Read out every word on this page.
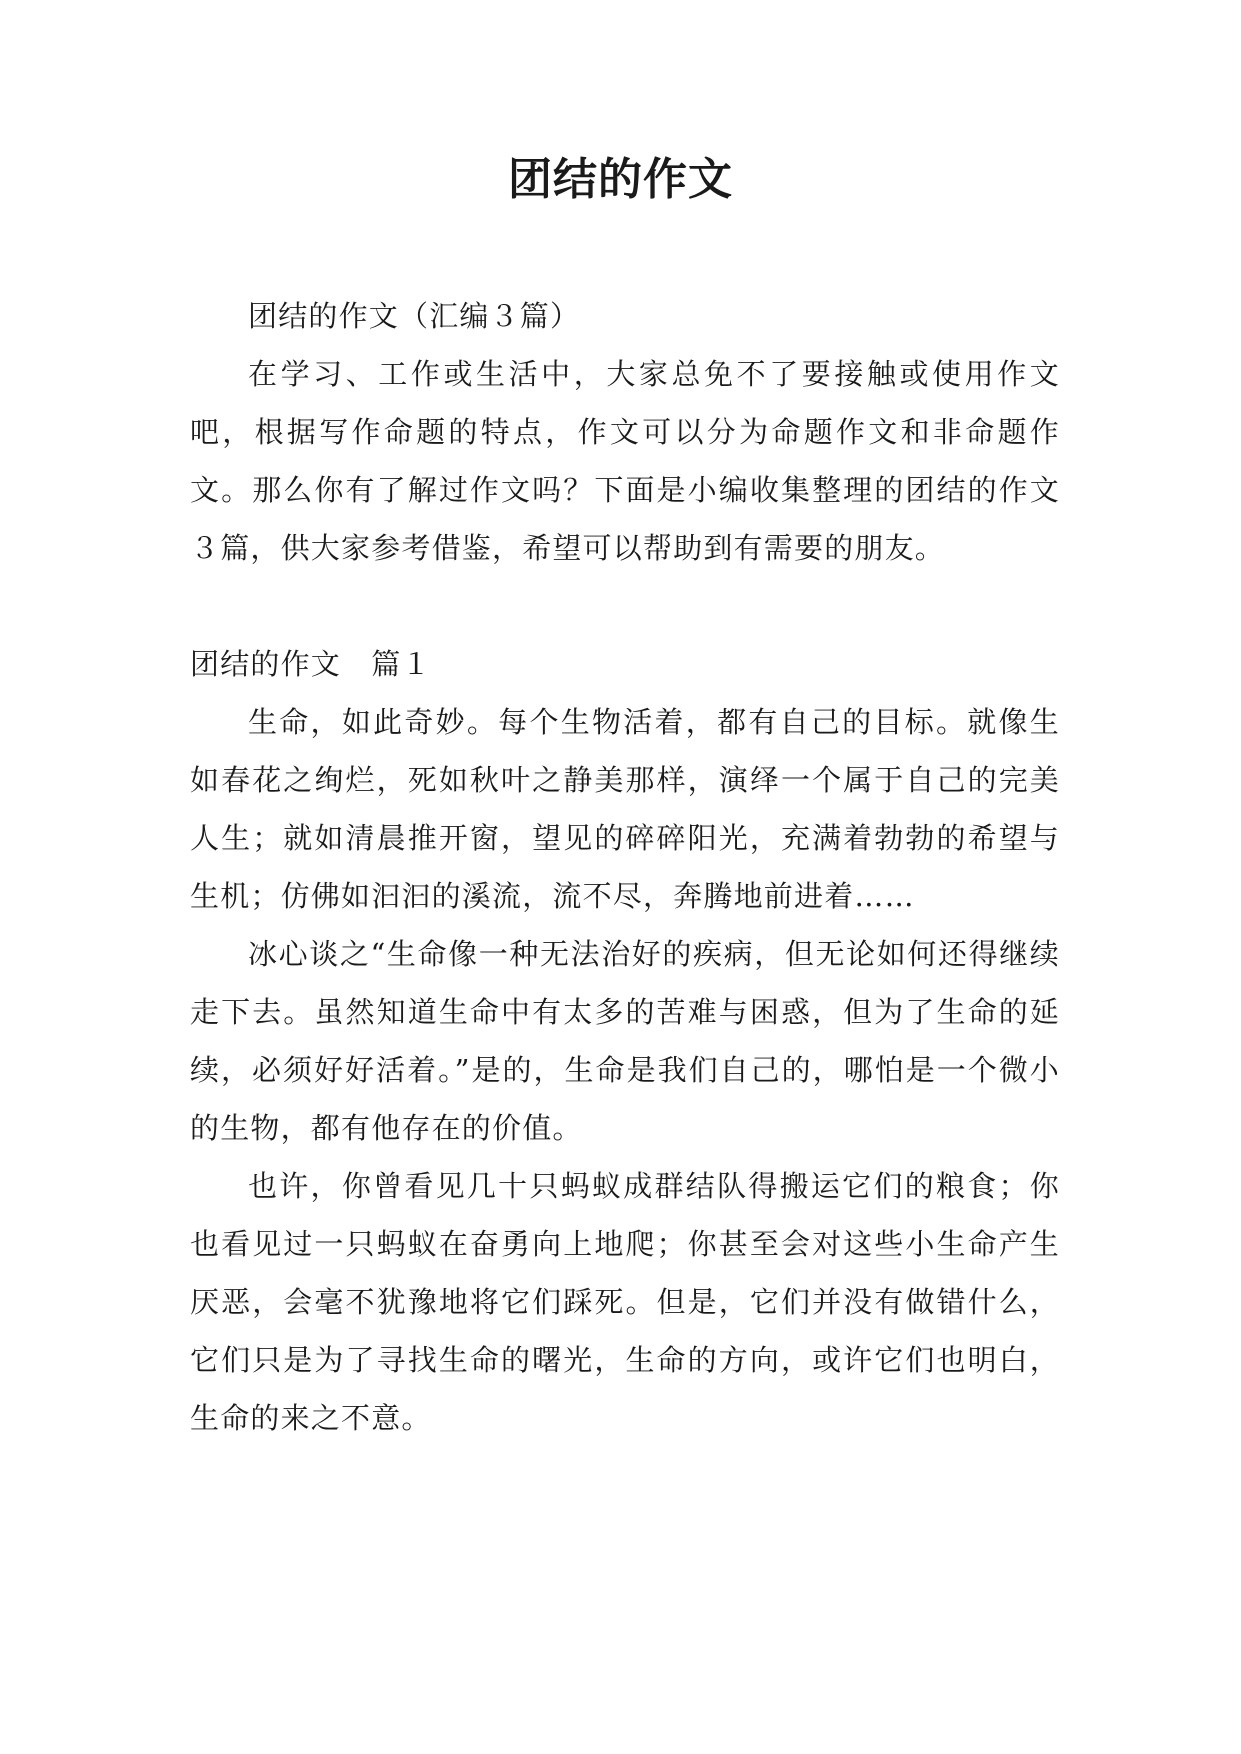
团结的作文

团结的作文（汇编３篇）

在学习、工作或生活中，大家总免不了要接触或使用作文吧，根据写作命题的特点，作文可以分为命题作文和非命题作文。那么你有了解过作文吗？下面是小编收集整理的团结的作文３篇，供大家参考借鉴，希望可以帮助到有需要的朋友。

团结的作文　篇１

生命，如此奇妙。每个生物活着，都有自己的目标。就像生如春花之绚烂，死如秋叶之静美那样，演绎一个属于自己的完美人生；就如清晨推开窗，望见的碎碎阳光，充满着勃勃的希望与生机；仿佛如汩汩的溪流，流不尽，奔腾地前进着……

冰心谈之“生命像一种无法治好的疾病，但无论如何还得继续走下去。虽然知道生命中有太多的苦难与困惑，但为了生命的延续，必须好好活着。”是的，生命是我们自己的，哪怕是一个微小的生物，都有他存在的价值。

也许，你曾看见几十只蚂蚁成群结队得搬运它们的粮食；你也看见过一只蚂蚁在奋勇向上地爬；你甚至会对这些小生命产生厌恶，会毫不犹豫地将它们踩死。但是，它们并没有做错什么，它们只是为了寻找生命的曙光，生命的方向，或许它们也明白，生命的来之不意。
